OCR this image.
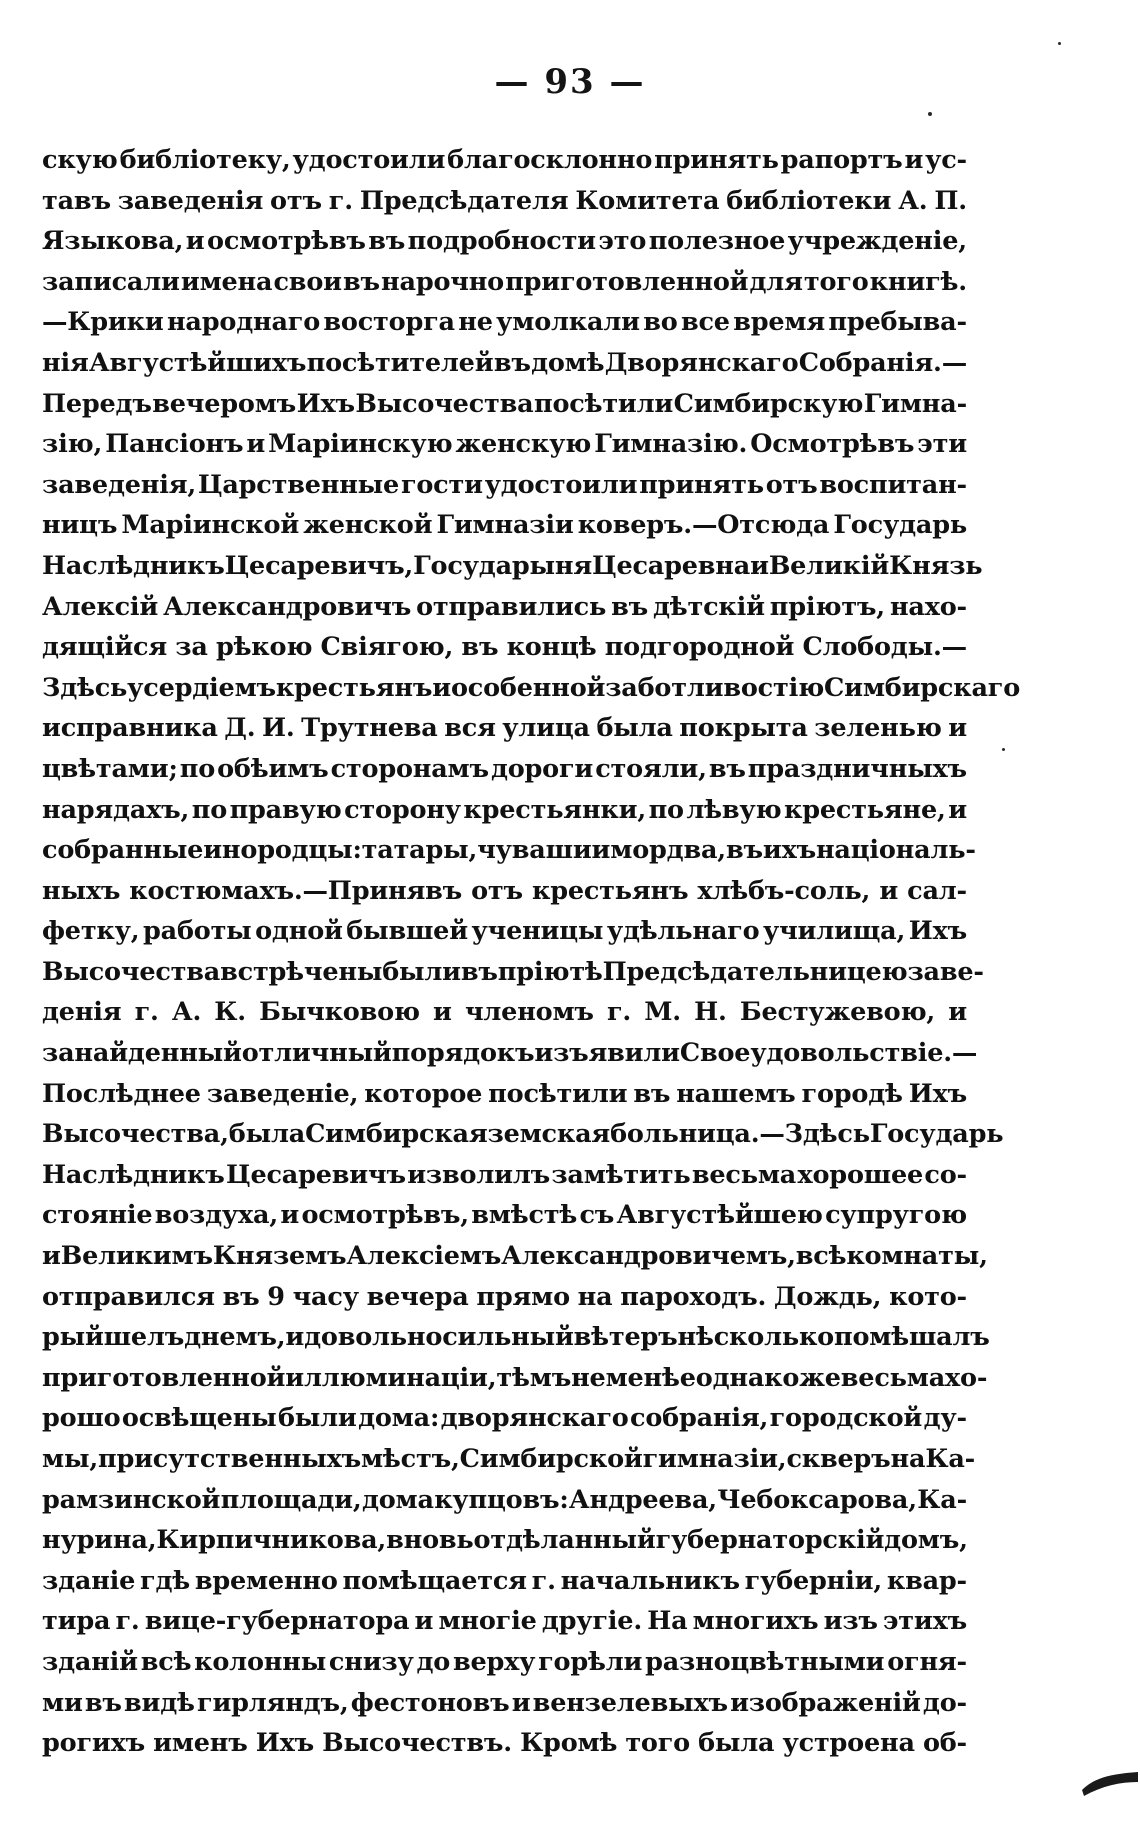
— 93 —
скую библіотеку, удостоили благосклонно принять рапортъ и ус-
тавъ заведенія отъ г. Предсѣдателя Комитета библіотеки А. П.
Языкова, и осмотрѣвъ въ подробности это полезное учрежденіе,
записали имена свои въ нарочно приготовленной для того книгѣ.
—Крики народнаго восторга не умолкали во все время пребыва-
нія Августѣйшихъ посѣтителей въ домѣ Дворянскаго Собранія.—
Передъ вечеромъ Ихъ Высочества посѣтили Симбирскую Гимна-
зію, Пансіонъ и Маріинскую женскую Гимназію. Осмотрѣвъ эти
заведенія, Царственные гости удостоили принять отъ воспитан-
ницъ Маріинской женской Гимназіи коверъ.—Отсюда Государь
Наслѣдникъ Цесаревичъ, Государыня Цесаревна и Великій Князь
Алексій Александровичъ отправились въ дѣтскій пріютъ, нахо-
дящійся за рѣкою Свіягою, въ концѣ подгородной Слободы.—
Здѣсь усердіемъ крестьянъ и особенной заботливостію Симбирскаго
исправника Д. И. Трутнева вся улица была покрыта зеленью и
цвѣтами; по обѣимъ сторонамъ дороги стояли, въ праздничныхъ
нарядахъ, по правую сторону крестьянки, по лѣвую крестьяне, и
собранные инородцы: татары, чуваши и мордва, въ ихъ національ-
ныхъ костюмахъ.—Принявъ отъ крестьянъ хлѣбъ-соль, и сал-
фетку, работы одной бывшей ученицы удѣльнаго училища, Ихъ
Высочества встрѣчены были въ пріютѣ Предсѣдательницею заве-
денія г. А. К. Бычковою и членомъ г. М. Н. Бестужевою, и
за найденный отличный порядокъ изъявили Свое удовольствіе.—
Послѣднее заведеніе, которое посѣтили въ нашемъ городѣ Ихъ
Высочества, была Симбирская земская больница.—Здѣсь Государь
Наслѣдникъ Цесаревичъ изволилъ замѣтить весьма хорошее со-
стояніе воздуха, и осмотрѣвъ, вмѣстѣ съ Августѣйшею супругою
и Великимъ Княземъ Алексіемъ Александровичемъ, всѣ комнаты,
отправился въ 9 часу вечера прямо на пароходъ. Дождь, кото-
рый шелъ днемъ, и довольно сильный вѣтеръ нѣсколько помѣшалъ
приготовленной иллюминаціи, тѣмъ не менѣе однакоже весьма хо-
рошо освѣщены были дома: дворянскаго собранія, городской ду-
мы, присутственныхъ мѣстъ, Симбирской гимназіи, скверъ на Ка-
рамзинской площади, дома купцовъ: Андреева, Чебоксарова, Ка-
нурина, Кирпичникова, вновь отдѣланный губернаторскій домъ,
зданіе гдѣ временно помѣщается г. начальникъ губерніи, квар-
тира г. вице-губернатора и многіе другіе. На многихъ изъ этихъ
зданій всѣ колонны снизу до верху горѣли разноцвѣтными огня-
ми въ видѣ гирляндъ, фестоновъ и вензелевыхъ изображеній до-
рогихъ именъ Ихъ Высочествъ. Кромѣ того была устроена об-
